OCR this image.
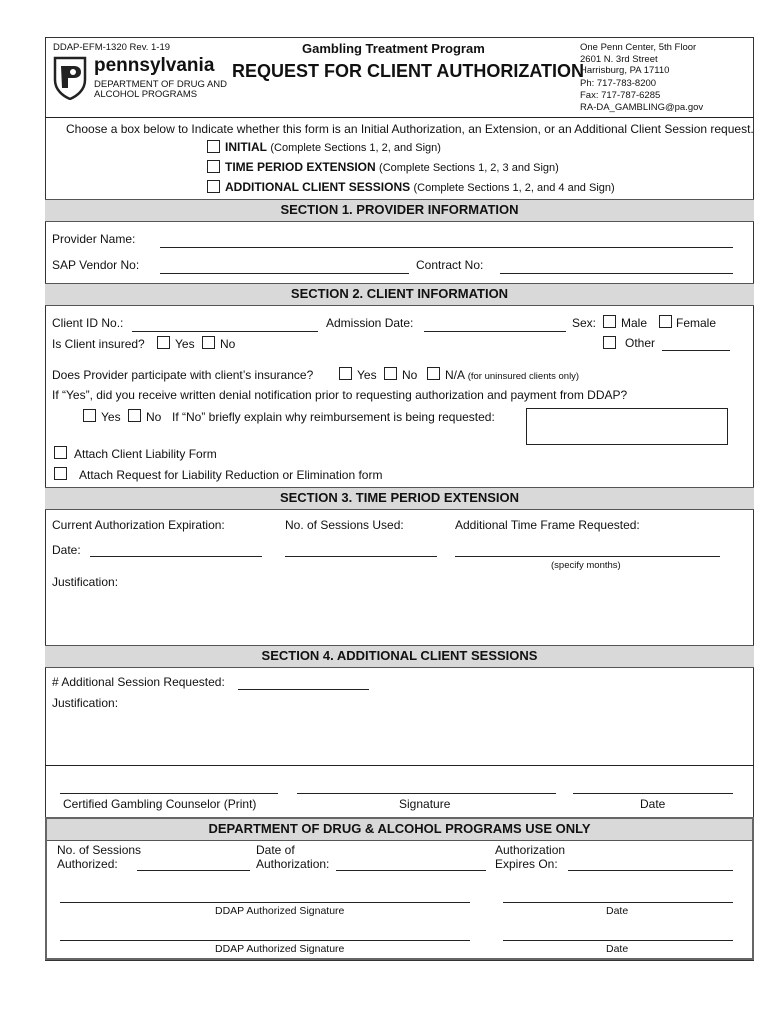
DDAP-EFM-1320 Rev. 1-19
pennsylvania
DEPARTMENT OF DRUG AND
ALCOHOL PROGRAMS
Gambling Treatment Program
REQUEST FOR CLIENT AUTHORIZATION
One Penn Center, 5th Floor
2601 N. 3rd Street
Harrisburg, PA 17110
Ph: 717-783-8200
Fax: 717-787-6285
RA-DA_GAMBLING@pa.gov
Choose a box below to Indicate whether this form is an Initial Authorization, an Extension, or an Additional Client Session request.
INITIAL (Complete Sections 1, 2, and Sign)
TIME PERIOD EXTENSION (Complete Sections 1, 2, 3 and Sign)
ADDITIONAL CLIENT SESSIONS (Complete Sections 1, 2, and 4 and Sign)
SECTION 1. PROVIDER INFORMATION
Provider Name:
SAP Vendor No:	Contract No:
SECTION 2. CLIENT INFORMATION
Client ID No.:	Admission Date:	Sex: Male Female
Is Client insured?	Yes No	Other
Does Provider participate with client’s insurance?	Yes No N/A (for uninsured clients only)
If “Yes”, did you receive written denial notification prior to requesting authorization and payment from DDAP?
Yes No If “No” briefly explain why reimbursement is being requested:
Attach Client Liability Form
Attach Request for Liability Reduction or Elimination form
SECTION 3. TIME PERIOD EXTENSION
Current Authorization Expiration:	No. of Sessions Used:	Additional Time Frame Requested:
Date:
(specify months)
Justification:
SECTION 4. ADDITIONAL CLIENT SESSIONS
# Additional Session Requested:
Justification:
Certified Gambling Counselor (Print)	Signature	Date
DEPARTMENT OF DRUG & ALCOHOL PROGRAMS USE ONLY
No. of Sessions
Authorized:
Date of
Authorization:
Authorization
Expires On:
DDAP Authorized Signature	Date
DDAP Authorized Signature	Date
